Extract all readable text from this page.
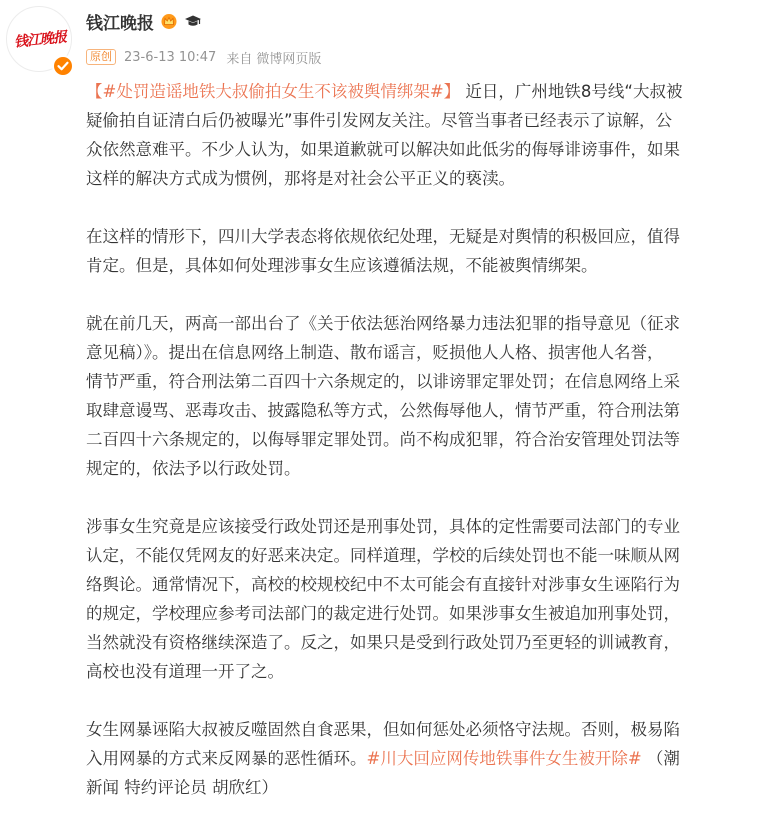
钱江晚报
钱江晚报
原创 23-6-13 10:47 来自 微博网页版
【#处罚造谣地铁大叔偷拍女生不该被舆情绑架#】 近日，广州地铁8号线“大叔被
疑偷拍自证清白后仍被曝光”事件引发网友关注。尽管当事者已经表示了谅解，公
众依然意难平。不少人认为，如果道歉就可以解决如此低劣的侮辱诽谤事件，如果
这样的解决方式成为惯例，那将是对社会公平正义的亵渎。
在这样的情形下，四川大学表态将依规依纪处理，无疑是对舆情的积极回应，值得
肯定。但是，具体如何处理涉事女生应该遵循法规，不能被舆情绑架。
就在前几天，两高一部出台了《关于依法惩治网络暴力违法犯罪的指导意见（征求
意见稿）》。提出在信息网络上制造、散布谣言，贬损他人人格、损害他人名誉，
情节严重，符合刑法第二百四十六条规定的，以诽谤罪定罪处罚；在信息网络上采
取肆意谩骂、恶毒攻击、披露隐私等方式，公然侮辱他人，情节严重，符合刑法第
二百四十六条规定的，以侮辱罪定罪处罚。尚不构成犯罪，符合治安管理处罚法等
规定的，依法予以行政处罚。
涉事女生究竟是应该接受行政处罚还是刑事处罚，具体的定性需要司法部门的专业
认定，不能仅凭网友的好恶来决定。同样道理，学校的后续处罚也不能一味顺从网
络舆论。通常情况下，高校的校规校纪中不太可能会有直接针对涉事女生诬陷行为
的规定，学校理应参考司法部门的裁定进行处罚。如果涉事女生被追加刑事处罚，
当然就没有资格继续深造了。反之，如果只是受到行政处罚乃至更轻的训诫教育，
高校也没有道理一开了之。
女生网暴诬陷大叔被反噬固然自食恶果，但如何惩处必须恪守法规。否则，极易陷
入用网暴的方式来反网暴的恶性循环。#川大回应网传地铁事件女生被开除# （潮
新闻 特约评论员 胡欣红）
